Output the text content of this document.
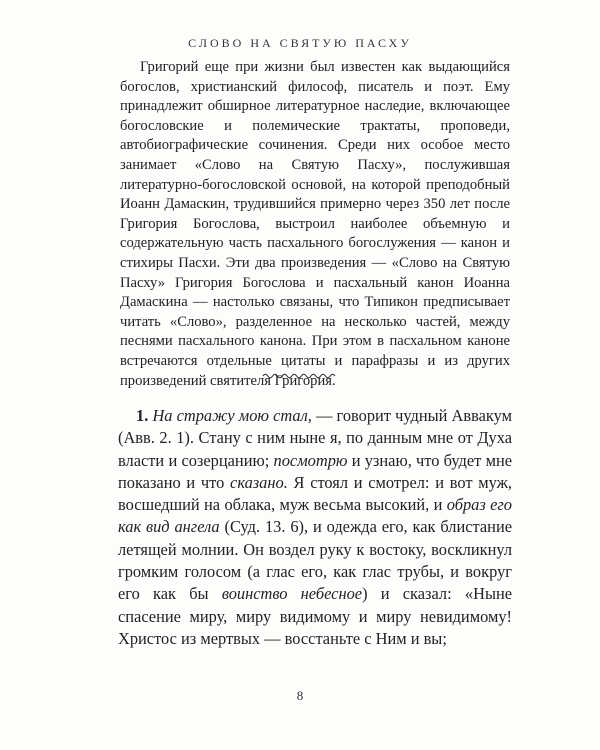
СЛОВО НА СВЯТУЮ ПАСХУ

Григорий еще при жизни был известен как выдающийся богослов, христианский философ, писатель и поэт. Ему принадлежит обширное литературное наследие, включающее богословские и полемические трактаты, проповеди, автобиографические сочинения. Среди них особое место занимает «Слово на Святую Пасху», послужившая литературно-богословской основой, на которой преподобный Иоанн Дамаскин, трудившийся примерно через 350 лет после Григория Богослова, выстроил наиболее объемную и содержательную часть пасхального богослужения — канон и стихиры Пасхи. Эти два произведения — «Слово на Святую Пасху» Григория Богослова и пасхальный канон Иоанна Дамаскина — настолько связаны, что Типикон предписывает читать «Слово», разделенное на несколько частей, между песнями пасхального канона. При этом в пасхальном каноне встречаются отдельные цитаты и парафразы и из других произведений святителя Григория.

1. На стражу мою стал, — говорит чудный Аввакум (Авв. 2. 1). Стану с ним ныне я, по данным мне от Духа власти и созерцанию; посмотрю и узнаю, что будет мне показано и что сказано. Я стоял и смотрел: и вот муж, восшедший на облака, муж весьма высокий, и образ его как вид ангела (Суд. 13. 6), и одежда его, как блистание летящей молнии. Он воздел руку к востоку, воскликнул громким голосом (а глас его, как глас трубы, и вокруг его как бы воинство небесное) и сказал: «Ныне спасение миру, миру видимому и миру невидимому! Христос из мертвых — восстаньте с Ним и вы;

8
